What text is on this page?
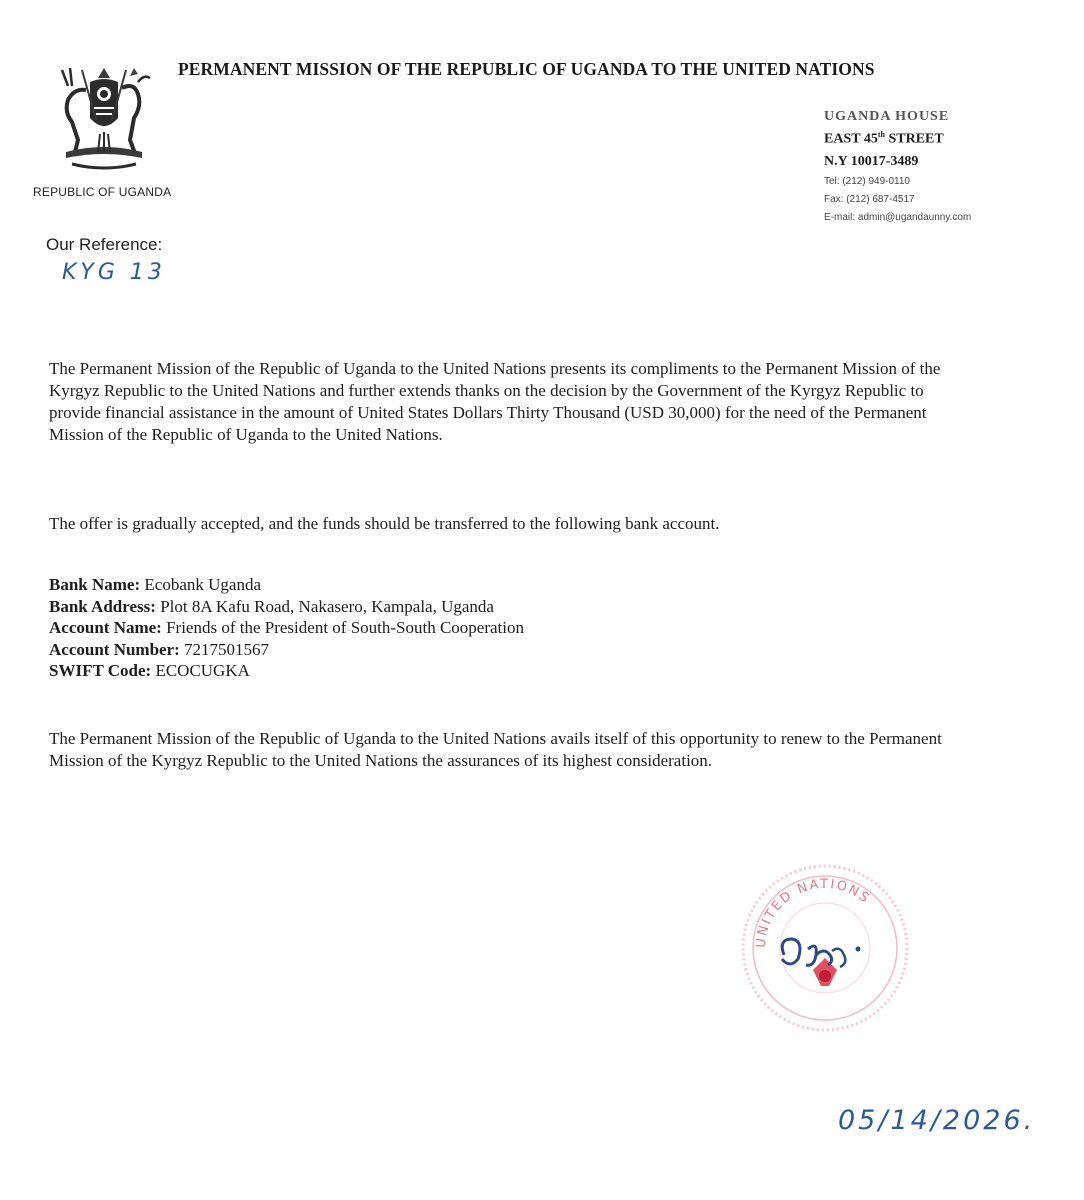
REPUBLIC OF UGANDA
PERMANENT MISSION OF THE REPUBLIC OF UGANDA TO THE UNITED NATIONS
UGANDA HOUSE
EAST 45th STREET
N.Y 10017-3489
Tel: (212) 949-0110
Fax: (212) 687-4517
E-mail: admin@ugandaunny.com
Our Reference:
KYG 13
The Permanent Mission of the Republic of Uganda to the United Nations presents its compliments to the Permanent Mission of the Kyrgyz Republic to the United Nations and further extends thanks on the decision by the Government of the Kyrgyz Republic to provide financial assistance in the amount of United States Dollars Thirty Thousand (USD 30,000) for the need of the Permanent Mission of the Republic of Uganda to the United Nations.
The offer is gradually accepted, and the funds should be transferred to the following bank account.
Bank Name: Ecobank Uganda
Bank Address: Plot 8A Kafu Road, Nakasero, Kampala, Uganda
Account Name: Friends of the President of South-South Cooperation
Account Number: 7217501567
SWIFT Code: ECOCUGKA
The Permanent Mission of the Republic of Uganda to the United Nations avails itself of this opportunity to renew to the Permanent Mission of the Kyrgyz Republic to the United Nations the assurances of its highest consideration.
UNITED NATIONS
05/14/2026.
